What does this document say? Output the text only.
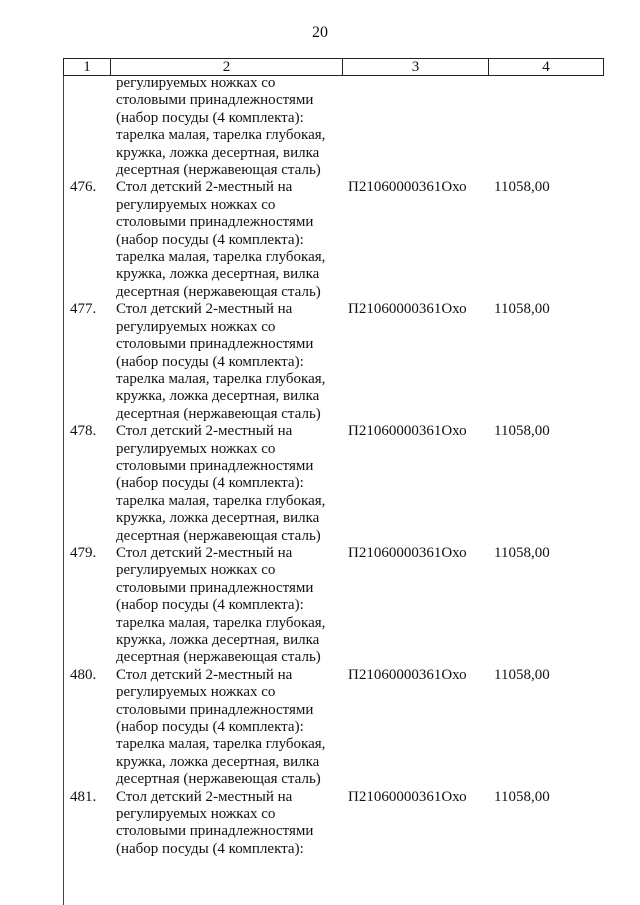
20
1	2	3	4
регулируемых ножках со
столовыми принадлежностями
(набор посуды (4 комплекта):
тарелка малая, тарелка глубокая,
кружка, ложка десертная, вилка
десертная (нержавеющая сталь)
476.	Стол детский 2-местный на
регулируемых ножках со
столовыми принадлежностями
(набор посуды (4 комплекта):
тарелка малая, тарелка глубокая,
кружка, ложка десертная, вилка
десертная (нержавеющая сталь)
П21060000361Охо	11058,00
477.	Стол детский 2-местный на
регулируемых ножках со
столовыми принадлежностями
(набор посуды (4 комплекта):
тарелка малая, тарелка глубокая,
кружка, ложка десертная, вилка
десертная (нержавеющая сталь)
П21060000361Охо	11058,00
478.	Стол детский 2-местный на
регулируемых ножках со
столовыми принадлежностями
(набор посуды (4 комплекта):
тарелка малая, тарелка глубокая,
кружка, ложка десертная, вилка
десертная (нержавеющая сталь)
П21060000361Охо	11058,00
479.	Стол детский 2-местный на
регулируемых ножках со
столовыми принадлежностями
(набор посуды (4 комплекта):
тарелка малая, тарелка глубокая,
кружка, ложка десертная, вилка
десертная (нержавеющая сталь)
П21060000361Охо	11058,00
480.	Стол детский 2-местный на
регулируемых ножках со
столовыми принадлежностями
(набор посуды (4 комплекта):
тарелка малая, тарелка глубокая,
кружка, ложка десертная, вилка
десертная (нержавеющая сталь)
П21060000361Охо	11058,00
481.	Стол детский 2-местный на
регулируемых ножках со
столовыми принадлежностями
(набор посуды (4 комплекта):
П21060000361Охо	11058,00
